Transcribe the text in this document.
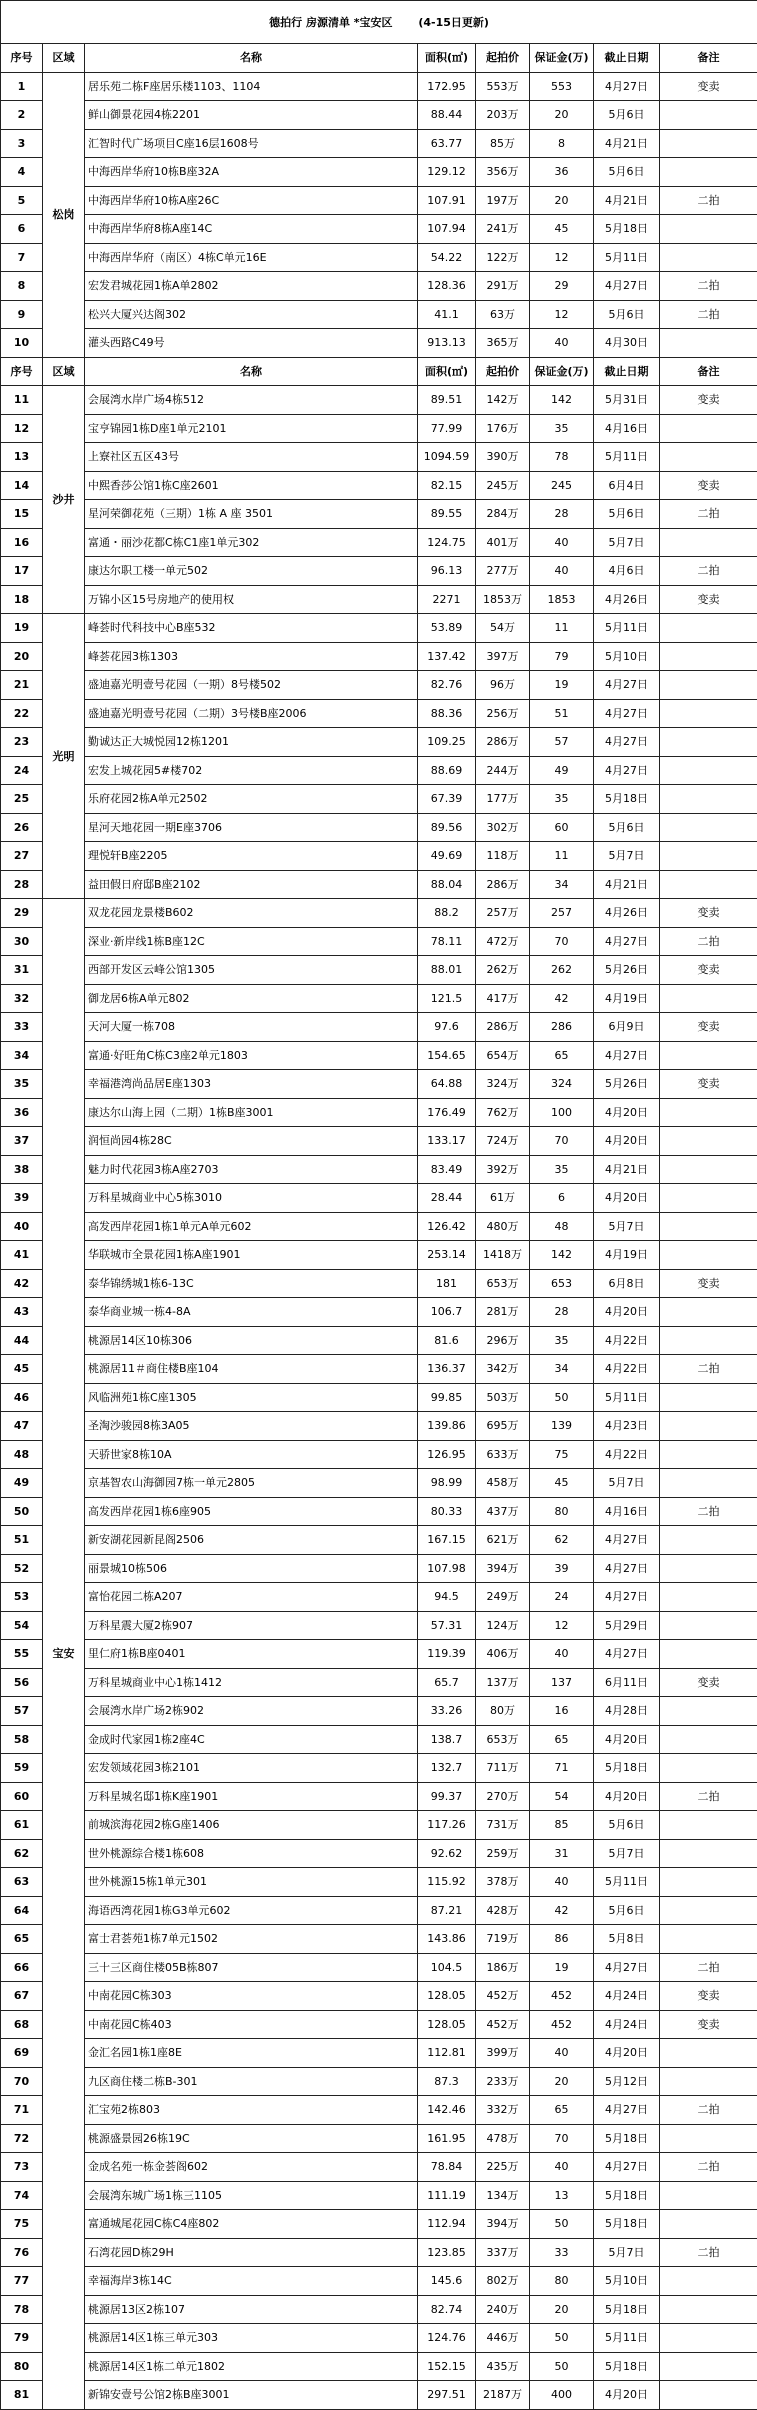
德拍行 房源清单 *宝安区　　 (4-15日更新)							
序号	区域	名称	面积(㎡)	起拍价	保证金(万)	截止日期	备注
1	松岗	居乐苑二栋F座居乐楼1103、1104	172.95	553万	553	4月27日	变卖
2		鲜山御景花园4栋2201	88.44	203万	20	5月6日	
3		汇智时代广场项目C座16层1608号	63.77	85万	8	4月21日	
4		中海西岸华府10栋B座32A	129.12	356万	36	5月6日	
5		中海西岸华府10栋A座26C	107.91	197万	20	4月21日	二拍
6		中海西岸华府8栋A座14C	107.94	241万	45	5月18日	
7		中海西岸华府（南区）4栋C单元16E	54.22	122万	12	5月11日	
8		宏发君城花园1栋A单2802	128.36	291万	29	4月27日	二拍
9		松兴大厦兴达阁302	41.1	63万	12	5月6日	二拍
10		灌头西路C49号	913.13	365万	40	4月30日	
序号	区域	名称	面积(㎡)	起拍价	保证金(万)	截止日期	备注
11	沙井	会展湾水岸广场4栋512	89.51	142万	142	5月31日	变卖
12		宝亨锦园1栋D座1单元2101	77.99	176万	35	4月16日	
13		上寮社区五区43号	1094.59	390万	78	5月11日	
14		中熙香莎公馆1栋C座2601	82.15	245万	245	6月4日	变卖
15		星河荣御花苑（三期）1栋 A 座 3501	89.55	284万	28	5月6日	二拍
16		富通・丽沙花都C栋C1座1单元302	124.75	401万	40	5月7日	
17		康达尔职工楼一单元502	96.13	277万	40	4月6日	二拍
18		万锦小区15号房地产的使用权	2271	1853万	1853	4月26日	变卖
19	光明	峰荟时代科技中心B座532	53.89	54万	11	5月11日	
20		峰荟花园3栋1303	137.42	397万	79	5月10日	
21		盛迪嘉光明壹号花园（一期）8号楼502	82.76	96万	19	4月27日	
22		盛迪嘉光明壹号花园（二期）3号楼B座2006	88.36	256万	51	4月27日	
23		勤诚达正大城悦园12栋1201	109.25	286万	57	4月27日	
24		宏发上城花园5#楼702	88.69	244万	49	4月27日	
25		乐府花园2栋A单元2502	67.39	177万	35	5月18日	
26		星河天地花园一期E座3706	89.56	302万	60	5月6日	
27		理悦轩B座2205	49.69	118万	11	5月7日	
28		益田假日府邸B座2102	88.04	286万	34	4月21日	
29	宝安	双龙花园龙景楼B602	88.2	257万	257	4月26日	变卖
30		深业·新岸线1栋B座12C	78.11	472万	70	4月27日	二拍
31		西部开发区云峰公馆1305	88.01	262万	262	5月26日	变卖
32		御龙居6栋A单元802	121.5	417万	42	4月19日	
33		天河大厦一栋708	97.6	286万	286	6月9日	变卖
34		富通·好旺角C栋C3座2单元1803	154.65	654万	65	4月27日	
35		幸福港湾尚品居E座1303	64.88	324万	324	5月26日	变卖
36		康达尔山海上园（二期）1栋B座3001	176.49	762万	100	4月20日	
37		润恒尚园4栋28C	133.17	724万	70	4月20日	
38		魅力时代花园3栋A座2703	83.49	392万	35	4月21日	
39		万科星城商业中心5栋3010	28.44	61万	6	4月20日	
40		高发西岸花园1栋1单元A单元602	126.42	480万	48	5月7日	
41		华联城市全景花园1栋A座1901	253.14	1418万	142	4月19日	
42		泰华锦绣城1栋6-13C	181	653万	653	6月8日	变卖
43		泰华商业城一栋4-8A	106.7	281万	28	4月20日	
44		桃源居14区10栋306	81.6	296万	35	4月22日	
45		桃源居11＃商住楼B座104	136.37	342万	34	4月22日	二拍
46		风临洲苑1栋C座1305	99.85	503万	50	5月11日	
47		圣淘沙骏园8栋3A05	139.86	695万	139	4月23日	
48		天骄世家8栋10A	126.95	633万	75	4月22日	
49		京基智农山海御园7栋一单元2805	98.99	458万	45	5月7日	
50		高发西岸花园1栋6座905	80.33	437万	80	4月16日	二拍
51		新安湖花园新昆阁2506	167.15	621万	62	4月27日	
52		丽景城10栋506	107.98	394万	39	4月27日	
53		富怡花园二栋A207	94.5	249万	24	4月27日	
54		万科星震大厦2栋907	57.31	124万	12	5月29日	
55		里仁府1栋B座0401	119.39	406万	40	4月27日	
56		万科星城商业中心1栋1412	65.7	137万	137	6月11日	变卖
57		会展湾水岸广场2栋902	33.26	80万	16	4月28日	
58		金成时代家园1栋2座4C	138.7	653万	65	4月20日	
59		宏发领域花园3栋2101	132.7	711万	71	5月18日	
60		万科星城名邸1栋K座1901	99.37	270万	54	4月20日	二拍
61		前城滨海花园2栋G座1406	117.26	731万	85	5月6日	
62		世外桃源综合楼1栋608	92.62	259万	31	5月7日	
63		世外桃源15栋1单元301	115.92	378万	40	5月11日	
64		海语西湾花园1栋G3单元602	87.21	428万	42	5月6日	
65		富士君荟苑1栋7单元1502	143.86	719万	86	5月8日	
66		三十三区商住楼05B栋807	104.5	186万	19	4月27日	二拍
67		中南花园C栋303	128.05	452万	452	4月24日	变卖
68		中南花园C栋403	128.05	452万	452	4月24日	变卖
69		金汇名园1栋1座8E	112.81	399万	40	4月20日	
70		九区商住楼二栋B-301	87.3	233万	20	5月12日	
71		汇宝苑2栋803	142.46	332万	65	4月27日	二拍
72		桃源盛景园26栋19C	161.95	478万	70	5月18日	
73		金成名苑一栋金荟阁602	78.84	225万	40	4月27日	二拍
74		会展湾东城广场1栋三1105	111.19	134万	13	5月18日	
75		富通城尾花园C栋C4座802	112.94	394万	50	5月18日	
76		石湾花园D栋29H	123.85	337万	33	5月7日	二拍
77		幸福海岸3栋14C	145.6	802万	80	5月10日	
78		桃源居13区2栋107	82.74	240万	20	5月18日	
79		桃源居14区1栋三单元303	124.76	446万	50	5月11日	
80		桃源居14区1栋二单元1802	152.15	435万	50	5月18日	
81		新锦安壹号公馆2栋B座3001	297.51	2187万	400	4月20日	
